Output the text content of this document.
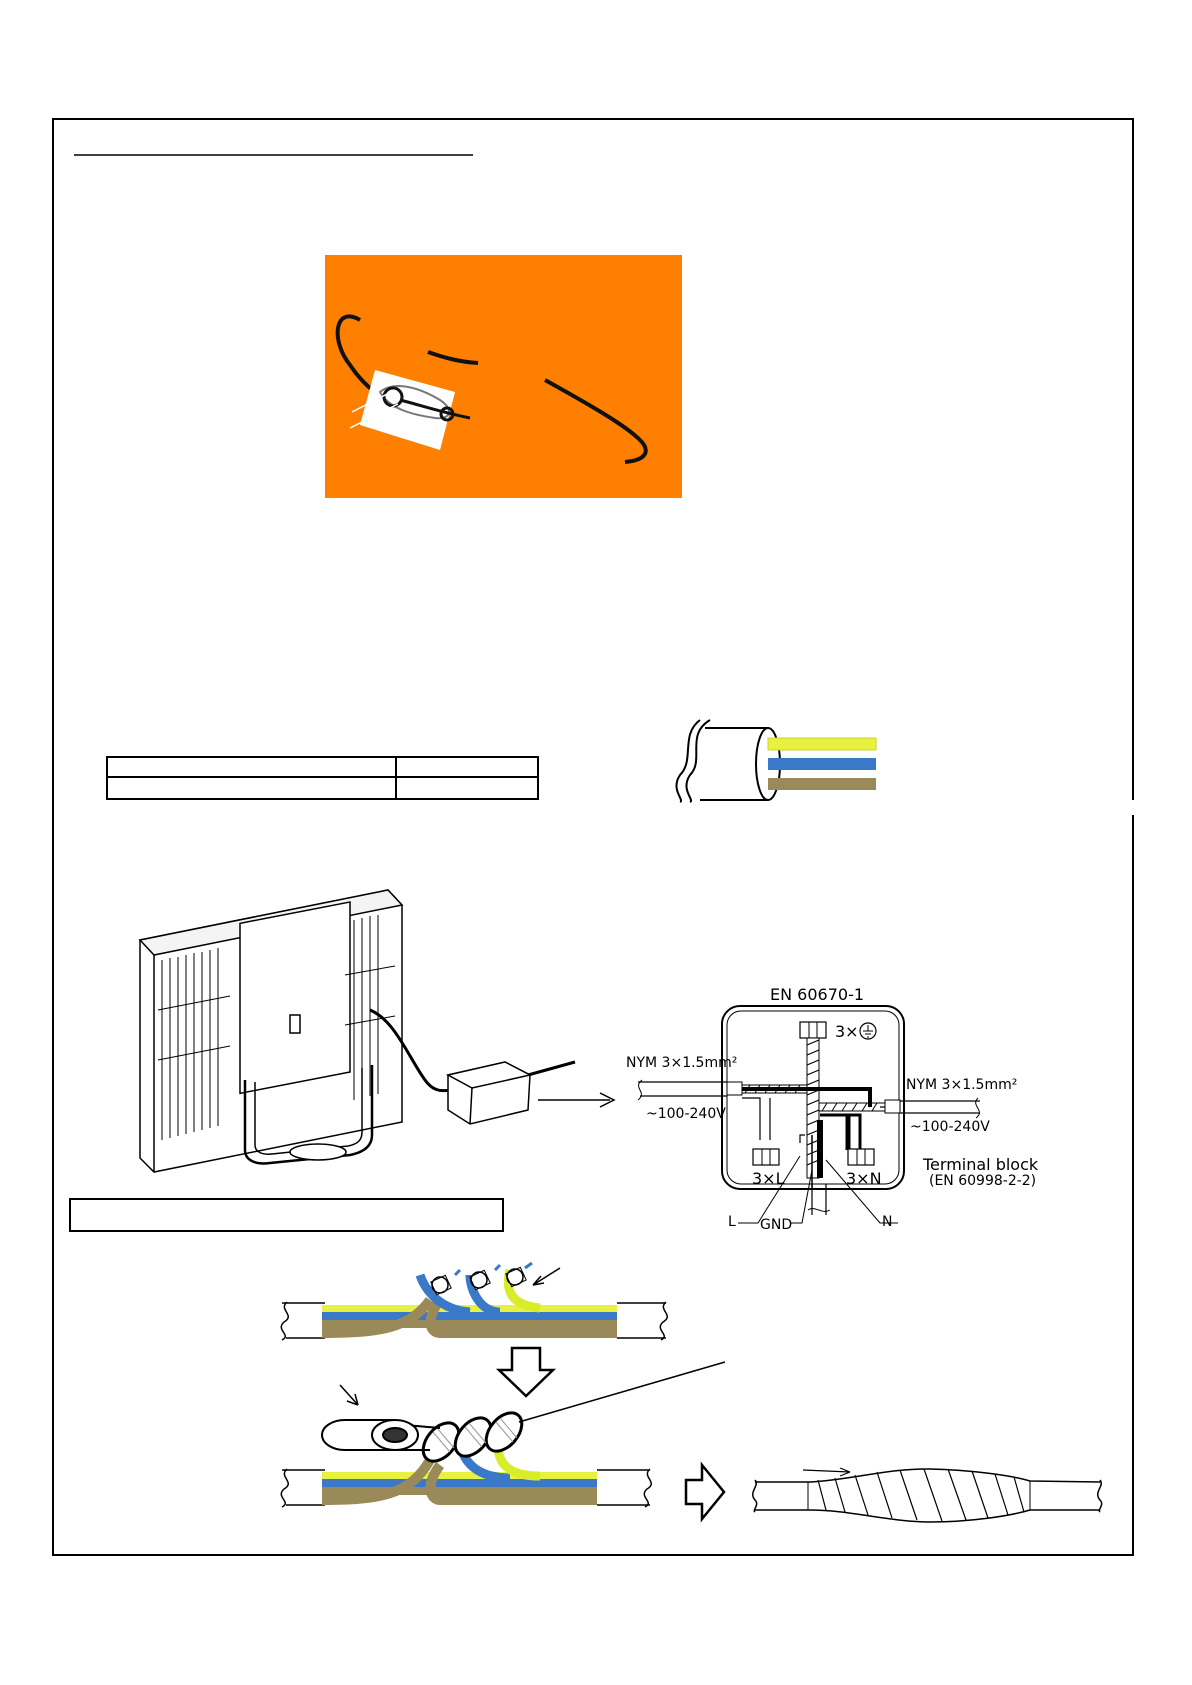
EN 60670-1
3×
3×L	3×N
NYM 3×1.5mm²
~100-240V
NYM 3×1.5mm²
~100-240V
Terminal block
(EN 60998-2-2)
L GND	N
